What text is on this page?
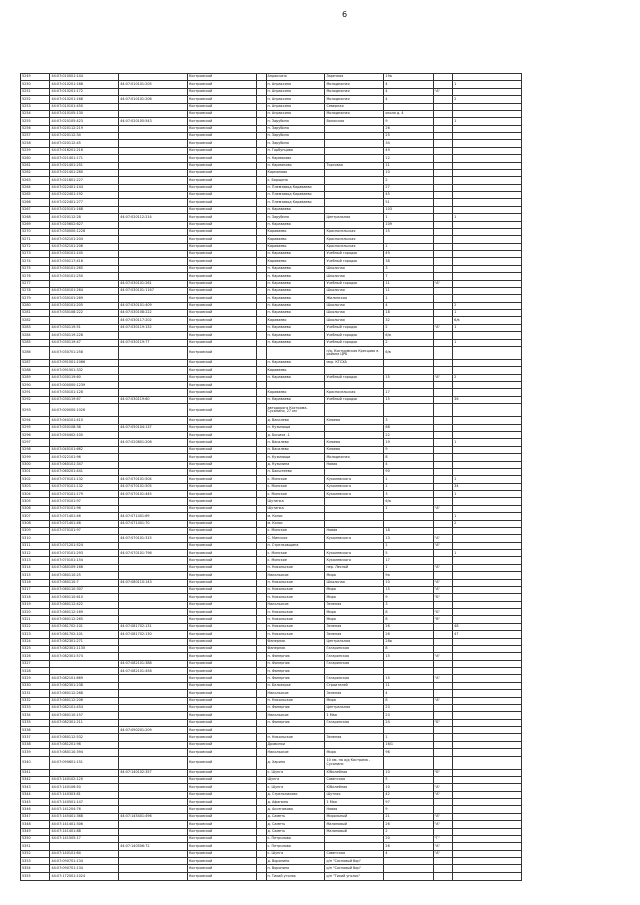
6
5249	44:07:010001:144		Костромской		Апраксино	Заречная	19а		
5250	44:07:010201:168	44:07:010101:205	Костромской		п. Апраксино	Молодежная	4		1
5251	44:07:010201:172		Костромской		п. Апраксино	Молодежная	4	"А"	
5252	44:07:010201:168	44:07:010101:206	Костромской		п. Апраксино	Молодежная	4		2
5253	44:07:010101:450		Костромской		п. Апраксино	Северная			
5254	44:07:010105:130		Костромской		п. Апраксино	Молодежная	около д. 4		
5255	44:07:020105:423	44:07:020105:543	Костромской		п. Зарубино	Волжская	9		1
5256	44:07:020112:219		Костромской		п. Зарубино		26		
5257	44:07:020112:34		Костромской		п. Зарубино		25		
5258	44:07:020112:45		Костромской		п. Зарубино		34		
5259	44:07:016201:216		Костромской		п. Горбунцово		49		
5260	44:07:021401:171		Костромской		п. Кармаково		12		
5261	44:07:021401:251		Костромской		п. Карманово	Торговая	11		
5262	44:07:021401:280		Костромской		Карманово		10		
5263	44:07:021801:227		Костромской		с. Борщино		2		
5264	44:07:022401:144		Костромской		п. Племзавод Караваево		27		
5265	44:07:022401:192		Костромской		п. Племзавод Караваево		45		
5266	44:07:022401:277		Костромской		п. Племзавод Караваево		51		
5267	44:07:025101:168		Костромской		п. Караваево		103		
5268	44:07:020112:28	44:07:020112:214	Костромской		п. Зарубино	Центральная	1		1
5269	44:07:025602:627		Костромской		п. Караваево		109		
5270	44:07:030000:1228		Костромской		Караваево	Красносельская	15		
5271	44:07:032101:204		Костромской		Караваево	Красносельская			
5272	44:07:032101:206		Костромской		Караваево	Красносельская	1		
5273	44:07:030101:145		Костромской		п. Караваево	Учебный городок	49		
5274	44:07:030117:416		Костромской		Караваево	Учебный городок	38		
5275	44:07:030101:265		Костромской		п. Караваево	Школьная	3		
5276	44:07:030101:250		Костромской		п. Караваево	Школьная	7		
5277		44:07:030101:261	Костромской		п. Караваево	Учебный городок	11	"А"	
5278	44:07:030101:264	44:07:030101:1167	Костромской		п. Караваево	Школьная	11		
5279	44:07:030101:269		Костромской		п. Караваево	Жилинская	1		
5280	44:07:030101:205	44:07:030101:409	Костромской		п. Караваево	Школьная	4		2
5281	44:07:030108:222	44:07:030108:222	Костромской		п. Караваево	Школьная	18		1
5282		44:07:030117:202	Костромской		Караваево	Школьная	32		6/в
5283	44:07:030119:51	44:07:030119:152	Костромской		п. Караваево	Учебный городок	2	"А"	1
5284	44:07:030119:228		Костромской		п. Караваево	Учебный городок	6/а		
5285	44:07:030119:47	44:07:030119:77	Костромской		п. Караваево	Учебный городок	2		1
5286	44:07:030701:258		Костромской			п/о. Костромская Кресцово в районе ЦРБ	6/в		
5287	44:07:091501:1066		Костромской		п. Караваево	мкр. КГСХА			
5288	44:07:091501:332		Костромской		Караваево				
5289	44:07:030119:60		Костромской		п. Караваево	Учебный городок	15	"А"	2
5290	44:07:000000:1239		Костромской						
5291	44:07:030101:128		Костромской		Караваево	Красносельская	17		
5292	44:07:030119:67	44:07:030119:60	Костромской		п. Караваево	Учебный городок	15		36
5293	44:07:000000:1026		Костромской		автодорога Кострома-Сусанино, 27 км				
5294	44:07:040101:410		Костромской		д. Василево	Клюева	3		
5295	44:07:050108:38	44:07:050104:137	Костромской		п. Кузьмищи		68		
5296	44:07:050402:100		Костромской		д. Бычиха -1		22		
5297		44:07:020801:206	Костромской		п. Василево	Клюева	19		1
5298	44:07:040101:662		Костромской		п. Василево	Клюева	9		
5299	44:07:022101:96		Костромской		п. Кузьмищи	Молодежная	8		
5300	44:07:060101:347		Костромской		д. Кузьмина	Новая	4		
5301	44:07:060201:441		Костромской		п. Бакштеево		90		
5302	44:07:070101:132	44:07:070101:504	Костромской		с. Минское	Куколевского	1		1
5303	44:07:070101:132	44:07:070101:505	Костромской		с. Минское	Куколевского	1		34
5304	44:07:070101:179	44:07:070101:445	Костромской		с. Минское	Куколевского	3		1
5305	44:07:070101:97		Костромской		Шутинка		6/а		
5306	44:07:070101:96		Костромской		Шутинка		1	"А"	
5307	44:07:071401:46	44:07:071401:69	Костромской		м. Колос				1
5308	44:07:071401:46	44:07:071401:70	Костромской		м. Колос				2
5309	44:07:070101:97		Костромской		с. Минское	Новая	18		
5310		44:07:070101:315	Костромской		С. Минское	Куколевского	13	"А"	
5311	44:07:071201:524		Костромской		п. Стрелковщина		1	"А"	
5312	44:07:070101:293	44:07:070101:796	Костромской		с. Минское	Куколевского	5		1
5313	44:07:070101:154		Костромской		с. Минское	Куколевского	17		
5314	44:07:080109:166		Костромской		п. Никольское	пер. Лесной	1	"А"	
5315	44:07:080110:25		Костромской		Никольское	Мира	9а		
5316	44:07:080110:7	44:07:080110:143	Костромской		п. Никольское	Школьная	10	"А"	
5317	44:07:080110:307		Костромской		п. Никольское	Мира	15	"А"	
5318	44:07:080110:610		Костромской		п. Никольское	Мира	9	"Б"	
5319	44:07:080112:422		Костромской		Никольское	Зеленая	3		
5320	44:07:080112:169		Костромской		п. Никольское	Мира	8	"Б"	
5321	44:07:080112:265		Костромской		п. Никольское	Мира	8	"В"	
5322	44:07:081702:101	44:07:081702:131	Костромской		п. Никольское	Зеленая	26		48
5323	44:07:081702:101	44:07:081702:130	Костромской		п. Никольское	Зеленая	26		47
5324	44:07:082301:271		Костромской		Фанерник	Центральная	28а		
5325	44:07:082301:1135		Костромской		Фанерник	Гагаринская	8		
5326	44:07:082301:574		Костромской		п. Фанерник	Гагаринская	15	"А"	
5327		44:07:082101:388	Костромской		п. Фанерник	Гагаринская			
5328		44:07:082101:458	Костромской		п. Фанерник				
5329	44:07:082101:669		Костромской		п. Фанерник	Гагаринская	15	"А"	
5330	44:07:082301:238		Костромской		п. Белозерье	Строителей	11		
5331	44:07:080112:268		Костромской		Никольское	Зеленая	4		
5332	44:07:080112:206		Костромской		п. Никольское	Мира	8	"А"	
5333	44:07:082101:454		Костромской		п. Фанерник	Центральная	23		
5334	44:07:080110:157		Костромской		Никольское	1 Мая	23		
5335	44:07:082301:211		Костромской		п. Фанерник	Гагаринская	24	"Б"	
5336		44:07:090201:209	Костромской						
5337	44:07:080112:532		Костромской		п. Никольское	Зеленая	1		
5338	44:07:081201:98		Костромской		Дровинки		16/1		
5339	44:07:080110:394		Костромской		Никольское	Мира	96		
5340	44:07:090601:151		Костромской		д. Харино	10 км. на а/д Кострома - Сусанино			
5341		44:07:140102:357	Костромской		с. Шунга	Юбилейная	10	"Б"	
5342	44:07:140102:120		Костромской		Шунга	Советская	5		
5343	44:07:140106:50		Костромской		с. Шунга	Юбилейная	10	"А"	
5344	44:07:140303:81		Костромской		д. Стрельниково	Шутная	42	"А"	
5345	44:07:140501:147		Костромской		д. Афанино	1 Мая	97		
5346	44:07:141204:76		Костромской		д. Аксениково	Новая	9		
5347	44:07:145401:368	44:07:145401:496	Костромской		д. Саметь	Мирольный	21	"А"	
5348	44:07:141401:306		Костромской		д. Саметь	Малиновый	26	"А"	
5349	44:07:141401:88		Костромской		д. Саметь	Малиновый	2		
5350	44:07:141505:17		Костромской		с. Петрилово		20	"Г"	
5351		44:07:140506:72	Костромской		с. Петрилово		26	"А"	
5352	44:07:140101:64		Костромской		с. Шунга	Советская	4	"А"	
5353	44:07:090701:134		Костромской		д. Воронино	р/п "Сосновый бор"			
5354	44:07:090701:134		Костромской		п. Воронино	р/п "Сосновый бор"			
5355	44:07:172001:1024		Костромской		п. Тихий уголок	р/п "Тихий уголок"			
